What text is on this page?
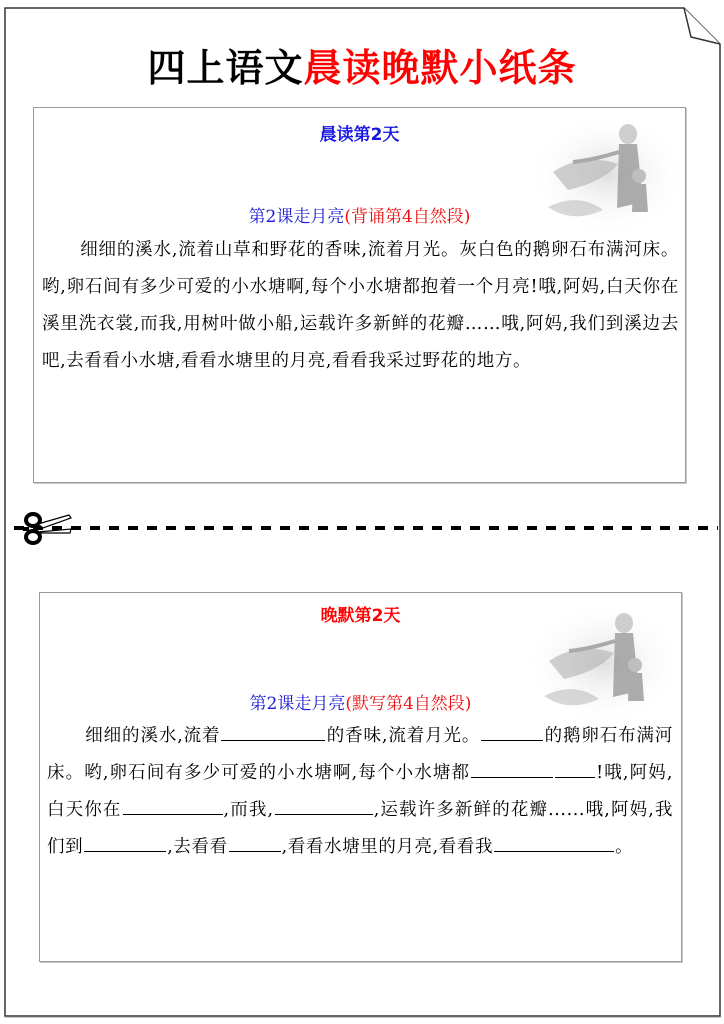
四上语文晨读晚默小纸条
晨读第2天
第2课走月亮(背诵第4自然段)
细细的溪水,流着山草和野花的香味,流着月光。灰白色的鹅卵石布满河床。哟,卵石间有多少可爱的小水塘啊,每个小水塘都抱着一个月亮!哦,阿妈,白天你在溪里洗衣裳,而我,用树叶做小船,运载许多新鲜的花瓣……哦,阿妈,我们到溪边去吧,去看看小水塘,看看水塘里的月亮,看看我采过野花的地方。
晚默第2天
第2课走月亮(默写第4自然段)
细细的溪水,流着	的香味,流着月光。	的鹅卵石布满河床。哟,卵石间有多少可爱的小水塘啊,每个小水塘都	!哦,阿妈,白天你在	,而我,	,运载许多新鲜的花瓣......哦,阿妈,我们到	,去看看	,看看水塘里的月亮,看看我	。
